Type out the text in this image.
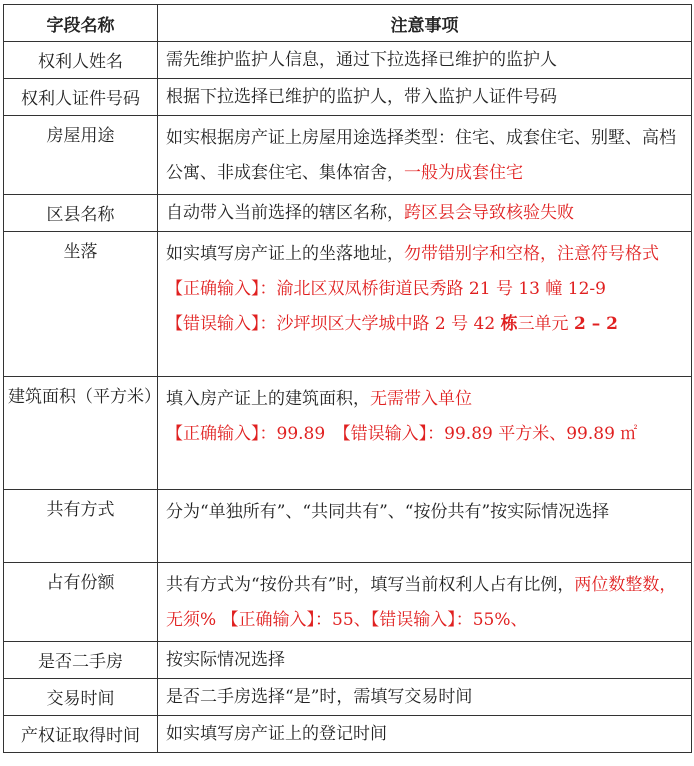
字段名称	注意事项
权利人姓名	需先维护监护人信息，通过下拉选择已维护的监护人
权利人证件号码	根据下拉选择已维护的监护人，带入监护人证件号码
房屋用途	如实根据房产证上房屋用途选择类型：住宅、成套住宅、别墅、高档公寓、非成套住宅、集体宿舍，一般为成套住宅
区县名称	自动带入当前选择的辖区名称，跨区县会导致核验失败
坐落	如实填写房产证上的坐落地址，勿带错别字和空格，注意符号格式
【正确输入】：渝北区双凤桥街道民秀路 21 号 13 幢 12-9
【错误输入】：沙坪坝区大学城中路 2 号 42 栋三单元 2 – 2
建筑面积（平方米）	填入房产证上的建筑面积，无需带入单位
【正确输入】：99.89　【错误输入】：99.89 平方米、99.89 ㎡
共有方式	分为“单独所有”、“共同共有”、“按份共有”按实际情况选择
占有份额	共有方式为“按份共有”时，填写当前权利人占有比例，两位数整数，无须% 【正确输入】：55、【错误输入】：55%、
是否二手房	按实际情况选择
交易时间	是否二手房选择“是”时，需填写交易时间
产权证取得时间	如实填写房产证上的登记时间
